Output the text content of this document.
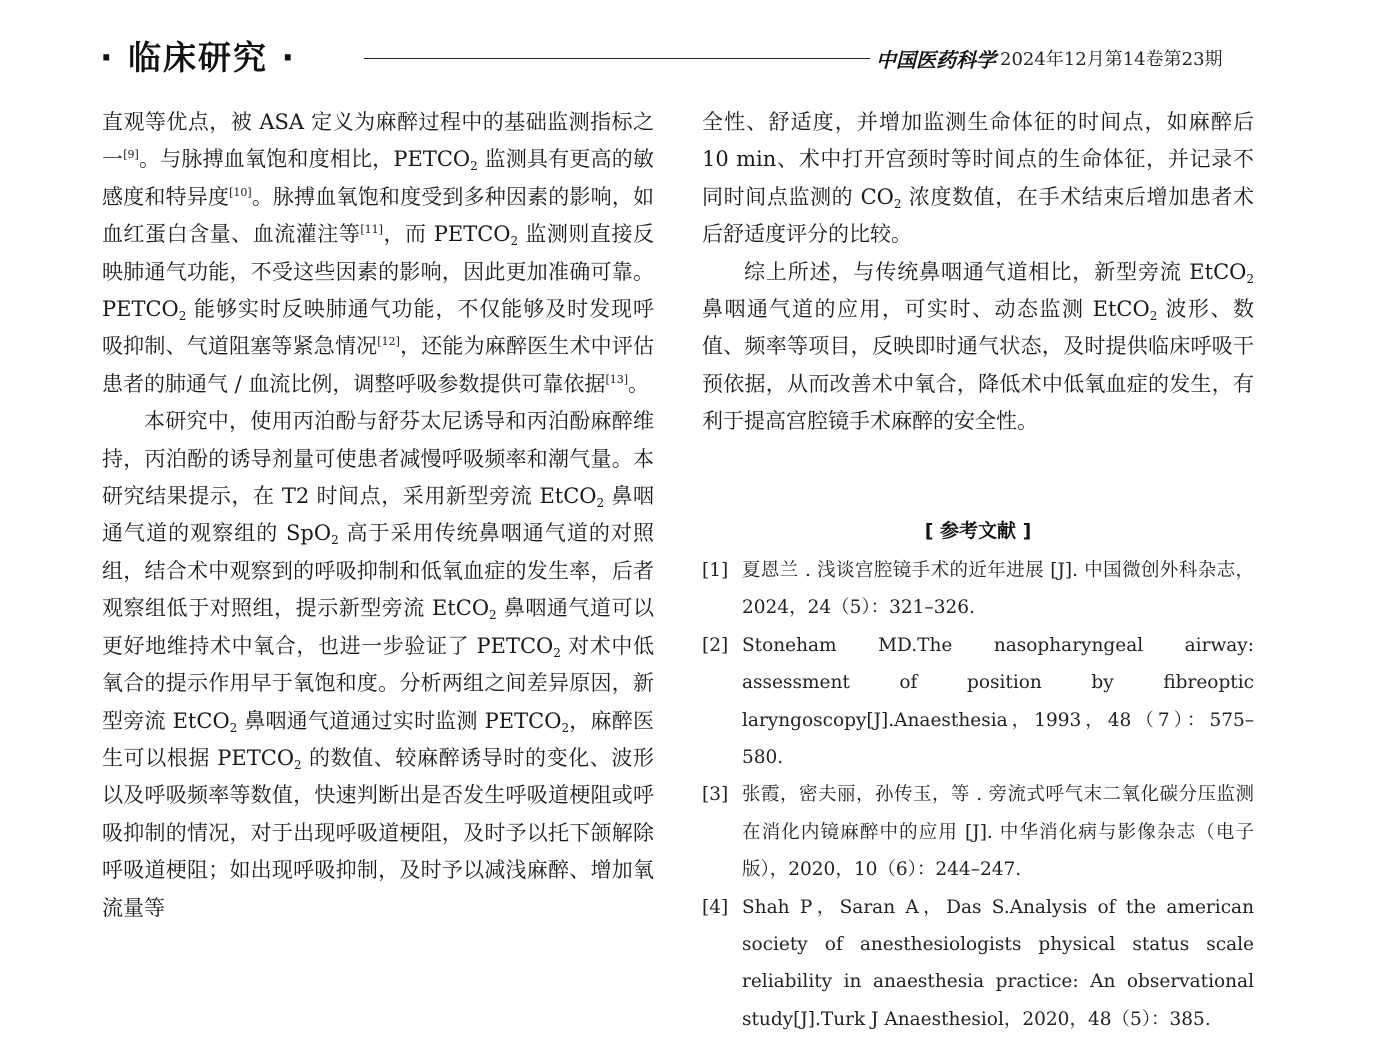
· 临床研究 ·	中国医药科学 2024年12月第14卷第23期

直观等优点，被 ASA 定义为麻醉过程中的基础监测指标之一[9]。与脉搏血氧饱和度相比，$PETCO_2$ 监测具有更高的敏感度和特异度[10]。脉搏血氧饱和度受到多种因素的影响，如血红蛋白含量、血流灌注等[11]，而 $PETCO_2$ 监测则直接反映肺通气功能，不受这些因素的影响，因此更加准确可靠。$PETCO_2$ 能够实时反映肺通气功能，不仅能够及时发现呼吸抑制、气道阻塞等紧急情况[12]，还能为麻醉医生术中评估患者的肺通气 / 血流比例，调整呼吸参数提供可靠依据[13]。

本研究中，使用丙泊酚与舒芬太尼诱导和丙泊酚麻醉维持，丙泊酚的诱导剂量可使患者减慢呼吸频率和潮气量。本研究结果提示，在 T2 时间点，采用新型旁流 EtCO$_2$ 鼻咽通气道的观察组的 SpO$_2$ 高于采用传统鼻咽通气道的对照组，结合术中观察到的呼吸抑制和低氧血症的发生率，后者观察组低于对照组，提示新型旁流 EtCO$_2$ 鼻咽通气道可以更好地维持术中氧合，也进一步验证了 $PETCO_2$ 对术中低氧合的提示作用早于氧饱和度。分析两组之间差异原因，新型旁流 EtCO$_2$ 鼻咽通气道通过实时监测 $PETCO_2$，麻醉医生可以根据 $PETCO_2$ 的数值、较麻醉诱导时的变化、波形以及呼吸频率等数值，快速判断出是否发生呼吸道梗阻或呼吸抑制的情况，对于出现呼吸道梗阻，及时予以托下颌解除呼吸道梗阻；如出现呼吸抑制，及时予以减浅麻醉、增加氧流量等

全性、舒适度，并增加监测生命体征的时间点，如麻醉后 10 min、术中打开宫颈时等时间点的生命体征，并记录不同时间点监测的 $CO_2$ 浓度数值，在手术结束后增加患者术后舒适度评分的比较。

综上所述，与传统鼻咽通气道相比，新型旁流 EtCO$_2$ 鼻咽通气道的应用，可实时、动态监测 EtCO$_2$ 波形、数值、频率等项目，反映即时通气状态，及时提供临床呼吸干预依据，从而改善术中氧合，降低术中低氧血症的发生，有利于提高宫腔镜手术麻醉的安全性。

[ 参考文献 ]
[1] 夏恩兰 . 浅谈宫腔镜手术的近年进展 [J]. 中国微创外科杂志，2024，24（5）：321–326.
[2] Stoneham MD.The nasopharyngeal airway: assessment of position by fibreoptic laryngoscopy[J].Anaesthesia，1993，48（7）：575–580.
[3] 张霞，密夫丽，孙传玉，等 . 旁流式呼气末二氧化碳分压监测在消化内镜麻醉中的应用 [J]. 中华消化病与影像杂志（电子版），2020，10（6）：244–247.
[4] Shah P，Saran A，Das S.Analysis of the american society of anesthesiologists physical status scale reliability in anaesthesia practice: An observational study[J].Turk J Anaesthesiol，2020，48（5）：385.
